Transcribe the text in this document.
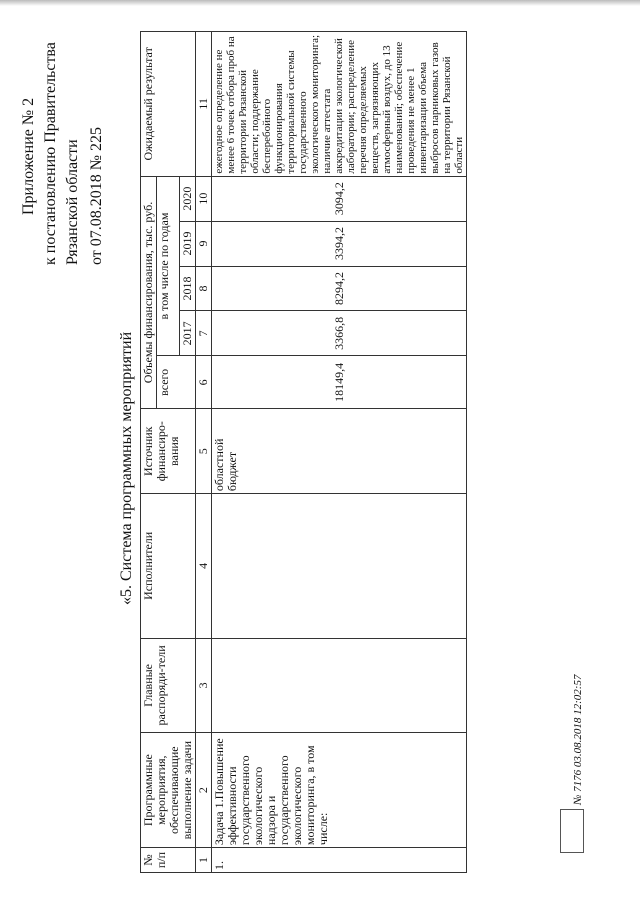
Приложение № 2 к постановлению Правительства Рязанской области от 07.08.2018 № 225
«5. Система программных мероприятий
№ п/п	Программные мероприятия, обеспечивающие выполнение задачи	Главные распоряди-тели	Исполнители	Источник финансиро-вания	Объемы финансирования, тыс. руб.					Ожидаемый результат
					всего	в том числе по годам				
						2017	2018	2019	2020	
1	2	3	4	5	6	7	8	9	10	11
1.	Задача 1.Повышение эффективности государственного экологического надзора и государственного экологического мониторинга, в том числе:			областной бюджет	18149,4	3366,8	8294,2	3394,2	3094,2	ежегодное определение не менее 6 точек отбора проб на территории Рязанской области; поддержание бесперебойного функционирования территориальной системы государственного экологического мониторинга; наличие аттестата аккредитации экологической лаборатории; распределение перечня определяемых веществ, загрязняющих атмосферный воздух, до 13 наименований; обеспечение проведения не менее 1 инвентаризации объема выбросов парниковых газов на территории Рязанской области
№ 7176 03.08.2018 12:02:57
